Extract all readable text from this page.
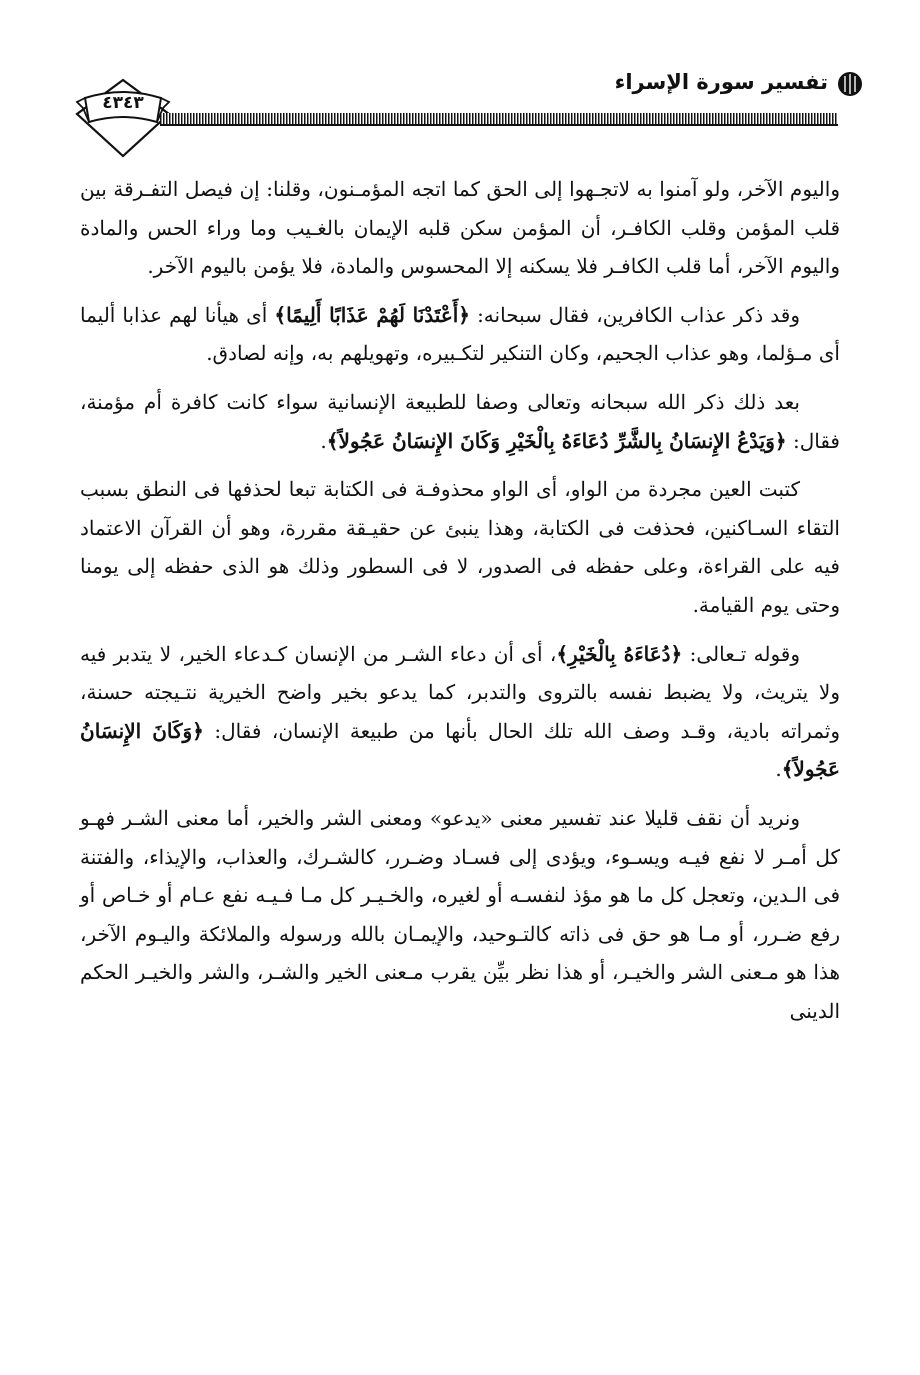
٤٣٤٣
تفسير سورة الإسراء

واليوم الآخر، ولو آمنوا به لاتجـهوا إلى الحق كما اتجه المؤمـنون، وقلنا: إن فيصل التفـرقة بين قلب المؤمن وقلب الكافـر، أن المؤمن سكن قلبه الإيمان بالغـيب وما وراء الحس والمادة واليوم الآخر، أما قلب الكافـر فلا يسكنه إلا المحسوس والمادة، فلا يؤمن باليوم الآخر.

وقد ذكر عذاب الكافرين، فقال سبحانه: ﴿أَعْتَدْنَا لَهُمْ عَذَابًا أَلِيمًا﴾ أى هيأنا لهم عذابا أليما أى مـؤلما، وهو عذاب الجحيم، وكان التنكير لتكـبيره، وتهويلهم به، وإنه لصادق.

بعد ذلك ذكر الله سبحانه وتعالى وصفا للطبيعة الإنسانية سواء كانت كافرة أم مؤمنة، فقال: ﴿وَيَدْعُ الإِنسَانُ بِالشَّرِّ دُعَاءَهُ بِالْخَيْرِ وَكَانَ الإِنسَانُ عَجُولاً﴾.

كتبت العين مجردة من الواو، أى الواو محذوفـة فى الكتابة تبعا لحذفها فى النطق بسبب التقاء السـاكنين، فحذفت فى الكتابة، وهذا ينبئ عن حقيـقة مقررة، وهو أن القرآن الاعتماد فيه على القراءة، وعلى حفظه فى الصدور، لا فى السطور وذلك هو الذى حفظه إلى يومنا وحتى يوم القيامة.

وقوله تـعالى: ﴿دُعَاءَهُ بِالْخَيْرِ﴾، أى أن دعاء الشـر من الإنسان كـدعاء الخير، لا يتدبر فيه ولا يتريث، ولا يضبط نفسه بالتروى والتدبر، كما يدعو بخير واضح الخيرية نتـيجته حسنة، وثمراته بادية، وقـد وصف الله تلك الحال بأنها من طبيعة الإنسان، فقال: ﴿وَكَانَ الإِنسَانُ عَجُولاً﴾.

ونريد أن نقف قليلا عند تفسير معنى «يدعو» ومعنى الشر والخير، أما معنى الشـر فهـو كل أمـر لا نفع فيـه ويسـوء، ويؤدى إلى فسـاد وضـرر، كالشـرك، والعذاب، والإيذاء، والفتنة فى الـدين، وتعجل كل ما هو مؤذ لنفسـه أو لغيره، والخـيـر كل مـا فـيـه نفع عـام أو خـاص أو رفع ضـرر، أو مـا هو حق فى ذاته كالتـوحيد، والإيمـان بالله ورسوله والملائكة واليـوم الآخر، هذا هو مـعنى الشر والخيـر، أو هذا نظر بيِّن يقرب مـعنى الخير والشـر، والشر والخيـر الحكم الدينى
